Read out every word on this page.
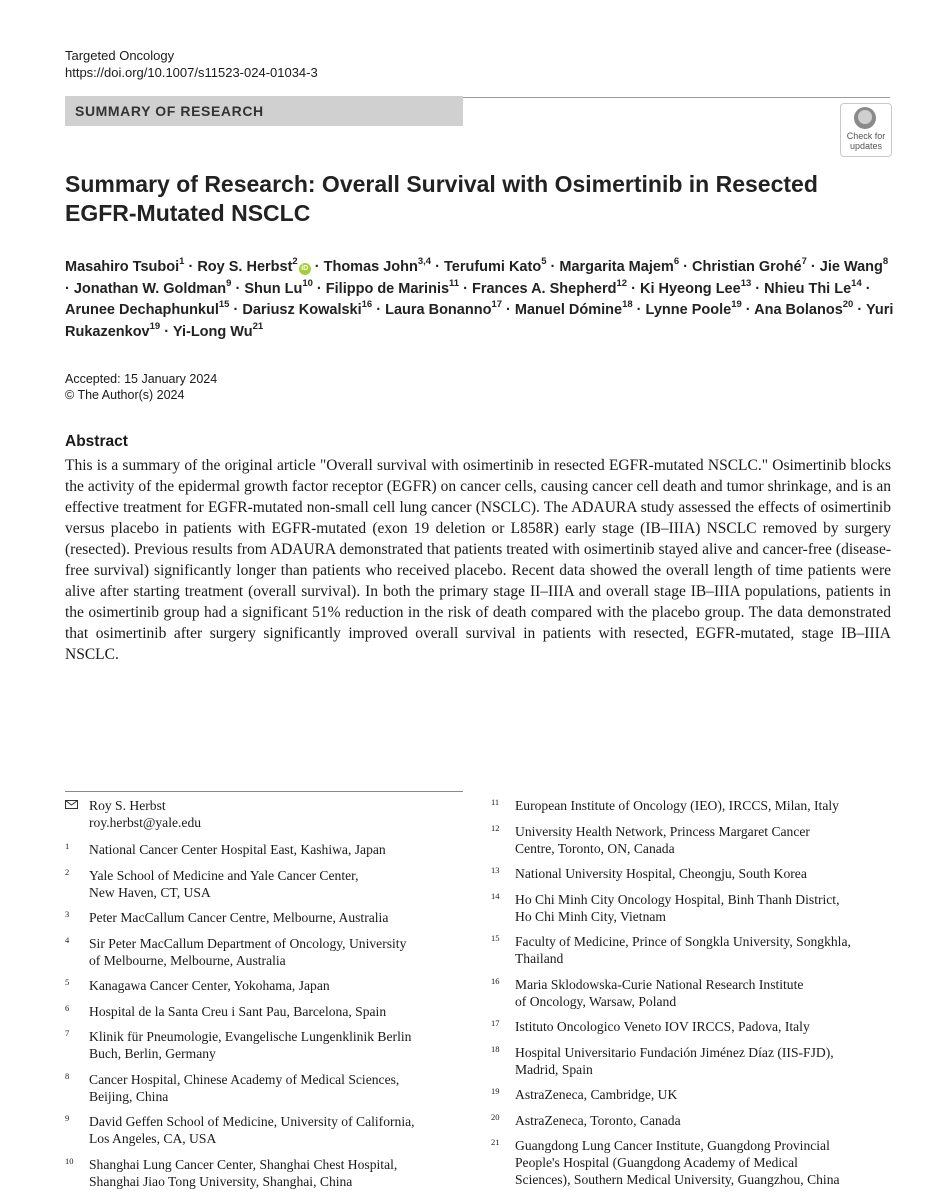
Targeted Oncology
https://doi.org/10.1007/s11523-024-01034-3
SUMMARY OF RESEARCH
Check for
updates
Summary of Research: Overall Survival with Osimertinib in Resected
EGFR-Mutated NSCLC
Masahiro Tsuboi$^1$ · Roy S. Herbst$^2$iD · Thomas John$^{3,4}$ · Terufumi Kato$^5$ · Margarita Majem$^6$ · Christian Grohé$^7$ · Jie Wang$^8$ · Jonathan W. Goldman$^9$ · Shun $Lu^{10}$ · Filippo de Marinis$^{11}$ · Frances A. Shepherd$^{12}$ · Ki Hyeong Lee$^{13}$ · Nhieu Thi $Le^{14}$ · Arunee Dechaphunkul$^{15}$ · Dariusz Kowalski$^{16}$ · Laura Bonanno$^{17}$ · Manuel Dómine$^{18}$ · Lynne Poole$^{19}$ · Ana Bolanos$^{20}$ · Yuri Rukazenkov$^{19}$ · Yi-Long Wu$^{21}$
Accepted: 15 January 2024
© The Author(s) 2024
Abstract
This is a summary of the original article "Overall survival with osimertinib in resected EGFR-mutated NSCLC." Osimertinib blocks the activity of the epidermal growth factor receptor (EGFR) on cancer cells, causing cancer cell death and tumor shrinkage, and is an effective treatment for EGFR-mutated non-small cell lung cancer (NSCLC). The ADAURA study assessed the effects of osimertinib versus placebo in patients with EGFR-mutated (exon 19 deletion or L858R) early stage (IB–IIIA) NSCLC removed by surgery (resected). Previous results from ADAURA demonstrated that patients treated with osimertinib stayed alive and cancer-free (disease-free survival) significantly longer than patients who received placebo. Recent data showed the overall length of time patients were alive after starting treatment (overall survival). In both the primary stage II–IIIA and overall stage IB–IIIA populations, patients in the osimertinib group had a significant 51% reduction in the risk of death compared with the placebo group. The data demonstrated that osimertinib after surgery significantly improved overall survival in patients with resected, EGFR-mutated, stage IB–IIIA NSCLC.
Roy S. Herbst
roy.herbst@yale.edu
1 National Cancer Center Hospital East, Kashiwa, Japan
2 Yale School of Medicine and Yale Cancer Center,
New Haven, CT, USA
3 Peter MacCallum Cancer Centre, Melbourne, Australia
4 Sir Peter MacCallum Department of Oncology, University
of Melbourne, Melbourne, Australia
5 Kanagawa Cancer Center, Yokohama, Japan
6 Hospital de la Santa Creu i Sant Pau, Barcelona, Spain
7 Klinik für Pneumologie, Evangelische Lungenklinik Berlin
Buch, Berlin, Germany
8 Cancer Hospital, Chinese Academy of Medical Sciences,
Beijing, China
9 David Geffen School of Medicine, University of California,
Los Angeles, CA, USA
10 Shanghai Lung Cancer Center, Shanghai Chest Hospital,
Shanghai Jiao Tong University, Shanghai, China
11 European Institute of Oncology (IEO), IRCCS, Milan, Italy
12 University Health Network, Princess Margaret Cancer
Centre, Toronto, ON, Canada
13 National University Hospital, Cheongju, South Korea
14 Ho Chi Minh City Oncology Hospital, Binh Thanh District,
Ho Chi Minh City, Vietnam
15 Faculty of Medicine, Prince of Songkla University, Songkhla,
Thailand
16 Maria Sklodowska-Curie National Research Institute
of Oncology, Warsaw, Poland
17 Istituto Oncologico Veneto IOV IRCCS, Padova, Italy
18 Hospital Universitario Fundación Jiménez Díaz (IIS-FJD),
Madrid, Spain
19 AstraZeneca, Cambridge, UK
20 AstraZeneca, Toronto, Canada
21 Guangdong Lung Cancer Institute, Guangdong Provincial
People's Hospital (Guangdong Academy of Medical
Sciences), Southern Medical University, Guangzhou, China
